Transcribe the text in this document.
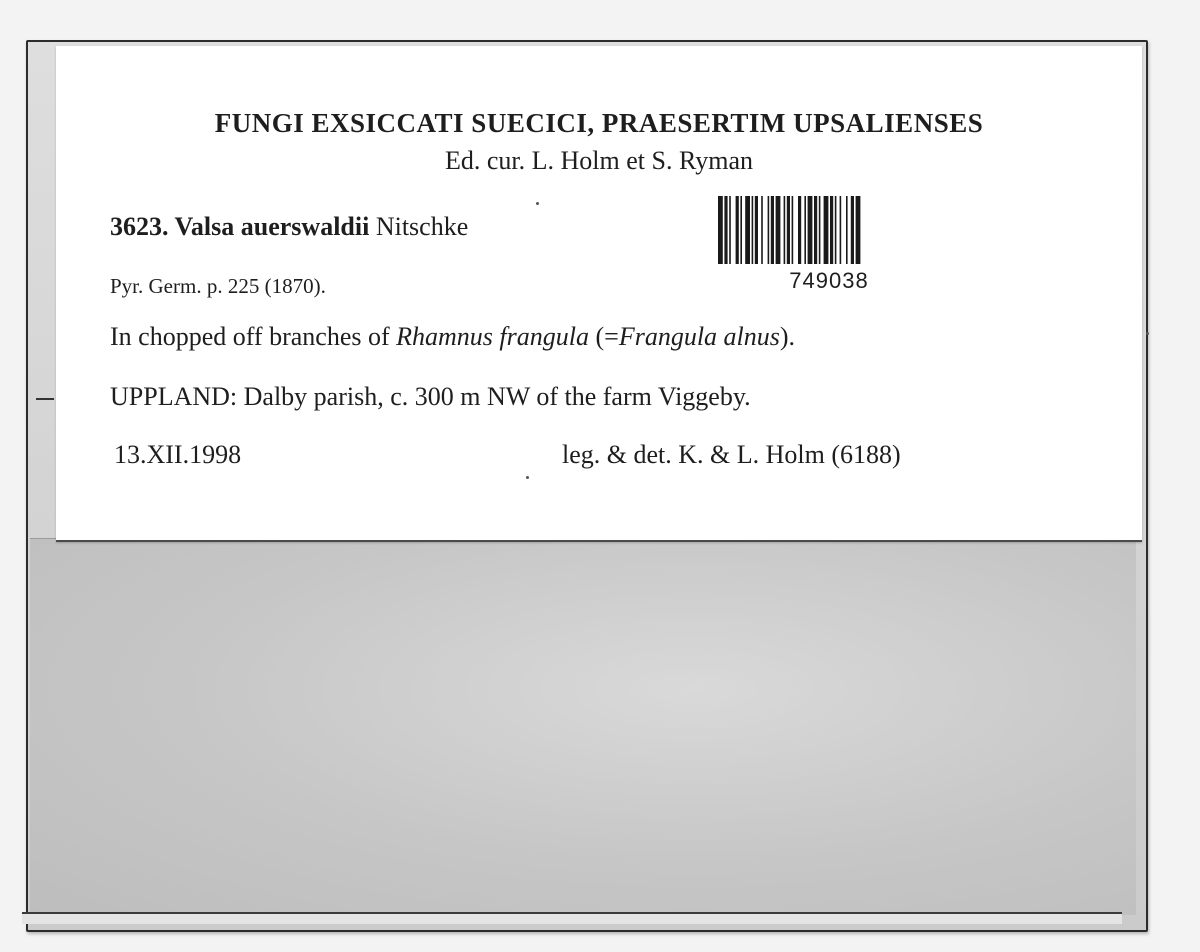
FUNGI EXSICCATI SUECICI, PRAESERTIM UPSALIENSES
Ed. cur. L. Holm et S. Ryman
3623. Valsa auerswaldii Nitschke
Pyr. Germ. p. 225 (1870).	749038
In chopped off branches of Rhamnus frangula (=Frangula alnus).
UPPLAND: Dalby parish, c. 300 m NW of the farm Viggeby.
13.XII.1998	leg. & det. K. & L. Holm (6188)
